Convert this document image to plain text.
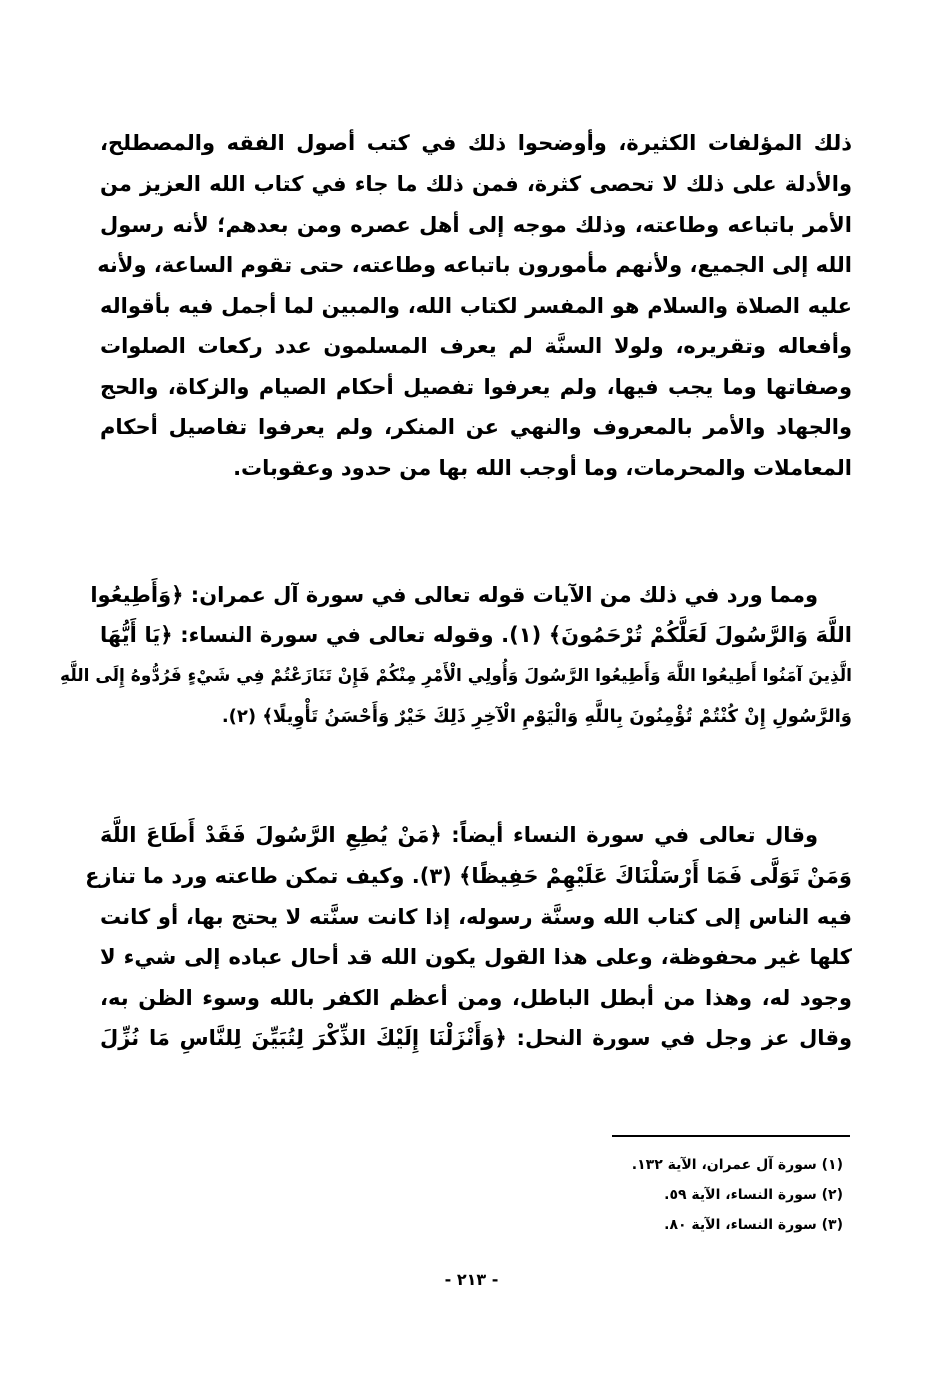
ذلك المؤلفات الكثيرة، وأوضحوا ذلك في كتب أصول الفقه والمصطلح،
والأدلة على ذلك لا تحصى كثرة، فمن ذلك ما جاء في كتاب الله العزيز من
الأمر باتباعه وطاعته، وذلك موجه إلى أهل عصره ومن بعدهم؛ لأنه رسول
الله إلى الجميع، ولأنهم مأمورون باتباعه وطاعته، حتى تقوم الساعة، ولأنه
عليه الصلاة والسلام هو المفسر لكتاب الله، والمبين لما أجمل فيه بأقواله
وأفعاله وتقريره، ولولا السنَّة لم يعرف المسلمون عدد ركعات الصلوات
وصفاتها وما يجب فيها، ولم يعرفوا تفصيل أحكام الصيام والزكاة، والحج
والجهاد والأمر بالمعروف والنهي عن المنكر، ولم يعرفوا تفاصيل أحكام
المعاملات والمحرمات، وما أوجب الله بها من حدود وعقوبات.
ومما ورد في ذلك من الآيات قوله تعالى في سورة آل عمران: ﴿وَأَطِيعُوا
اللَّهَ وَالرَّسُولَ لَعَلَّكُمْ تُرْحَمُونَ﴾ (١). وقوله تعالى في سورة النساء: ﴿يَا أَيُّهَا
الَّذِينَ آمَنُوا أَطِيعُوا اللَّهَ وَأَطِيعُوا الرَّسُولَ وَأُولِي الْأَمْرِ مِنْكُمْ فَإِنْ تَنَازَعْتُمْ فِي شَيْءٍ فَرُدُّوهُ إِلَى اللَّهِ
وَالرَّسُولِ إِنْ كُنْتُمْ تُؤْمِنُونَ بِاللَّهِ وَالْيَوْمِ الْآخِرِ ذَلِكَ خَيْرٌ وَأَحْسَنُ تَأْوِيلًا﴾ (٢).
وقال تعالى في سورة النساء أيضاً: ﴿مَنْ يُطِعِ الرَّسُولَ فَقَدْ أَطَاعَ اللَّهَ
وَمَنْ تَوَلَّى فَمَا أَرْسَلْنَاكَ عَلَيْهِمْ حَفِيظًا﴾ (٣). وكيف تمكن طاعته ورد ما تنازع
فيه الناس إلى كتاب الله وسنَّة رسوله، إذا كانت سنَّته لا يحتج بها، أو كانت
كلها غير محفوظة، وعلى هذا القول يكون الله قد أحال عباده إلى شيء لا
وجود له، وهذا من أبطل الباطل، ومن أعظم الكفر بالله وسوء الظن به،
وقال عز وجل في سورة النحل: ﴿وَأَنْزَلْنَا إِلَيْكَ الذِّكْرَ لِتُبَيِّنَ لِلنَّاسِ مَا نُزِّلَ
(١) سورة آل عمران، الآية ١٣٢.
(٢) سورة النساء، الآية ٥٩.
(٣) سورة النساء، الآية ٨٠.
- ٢١٣ -
